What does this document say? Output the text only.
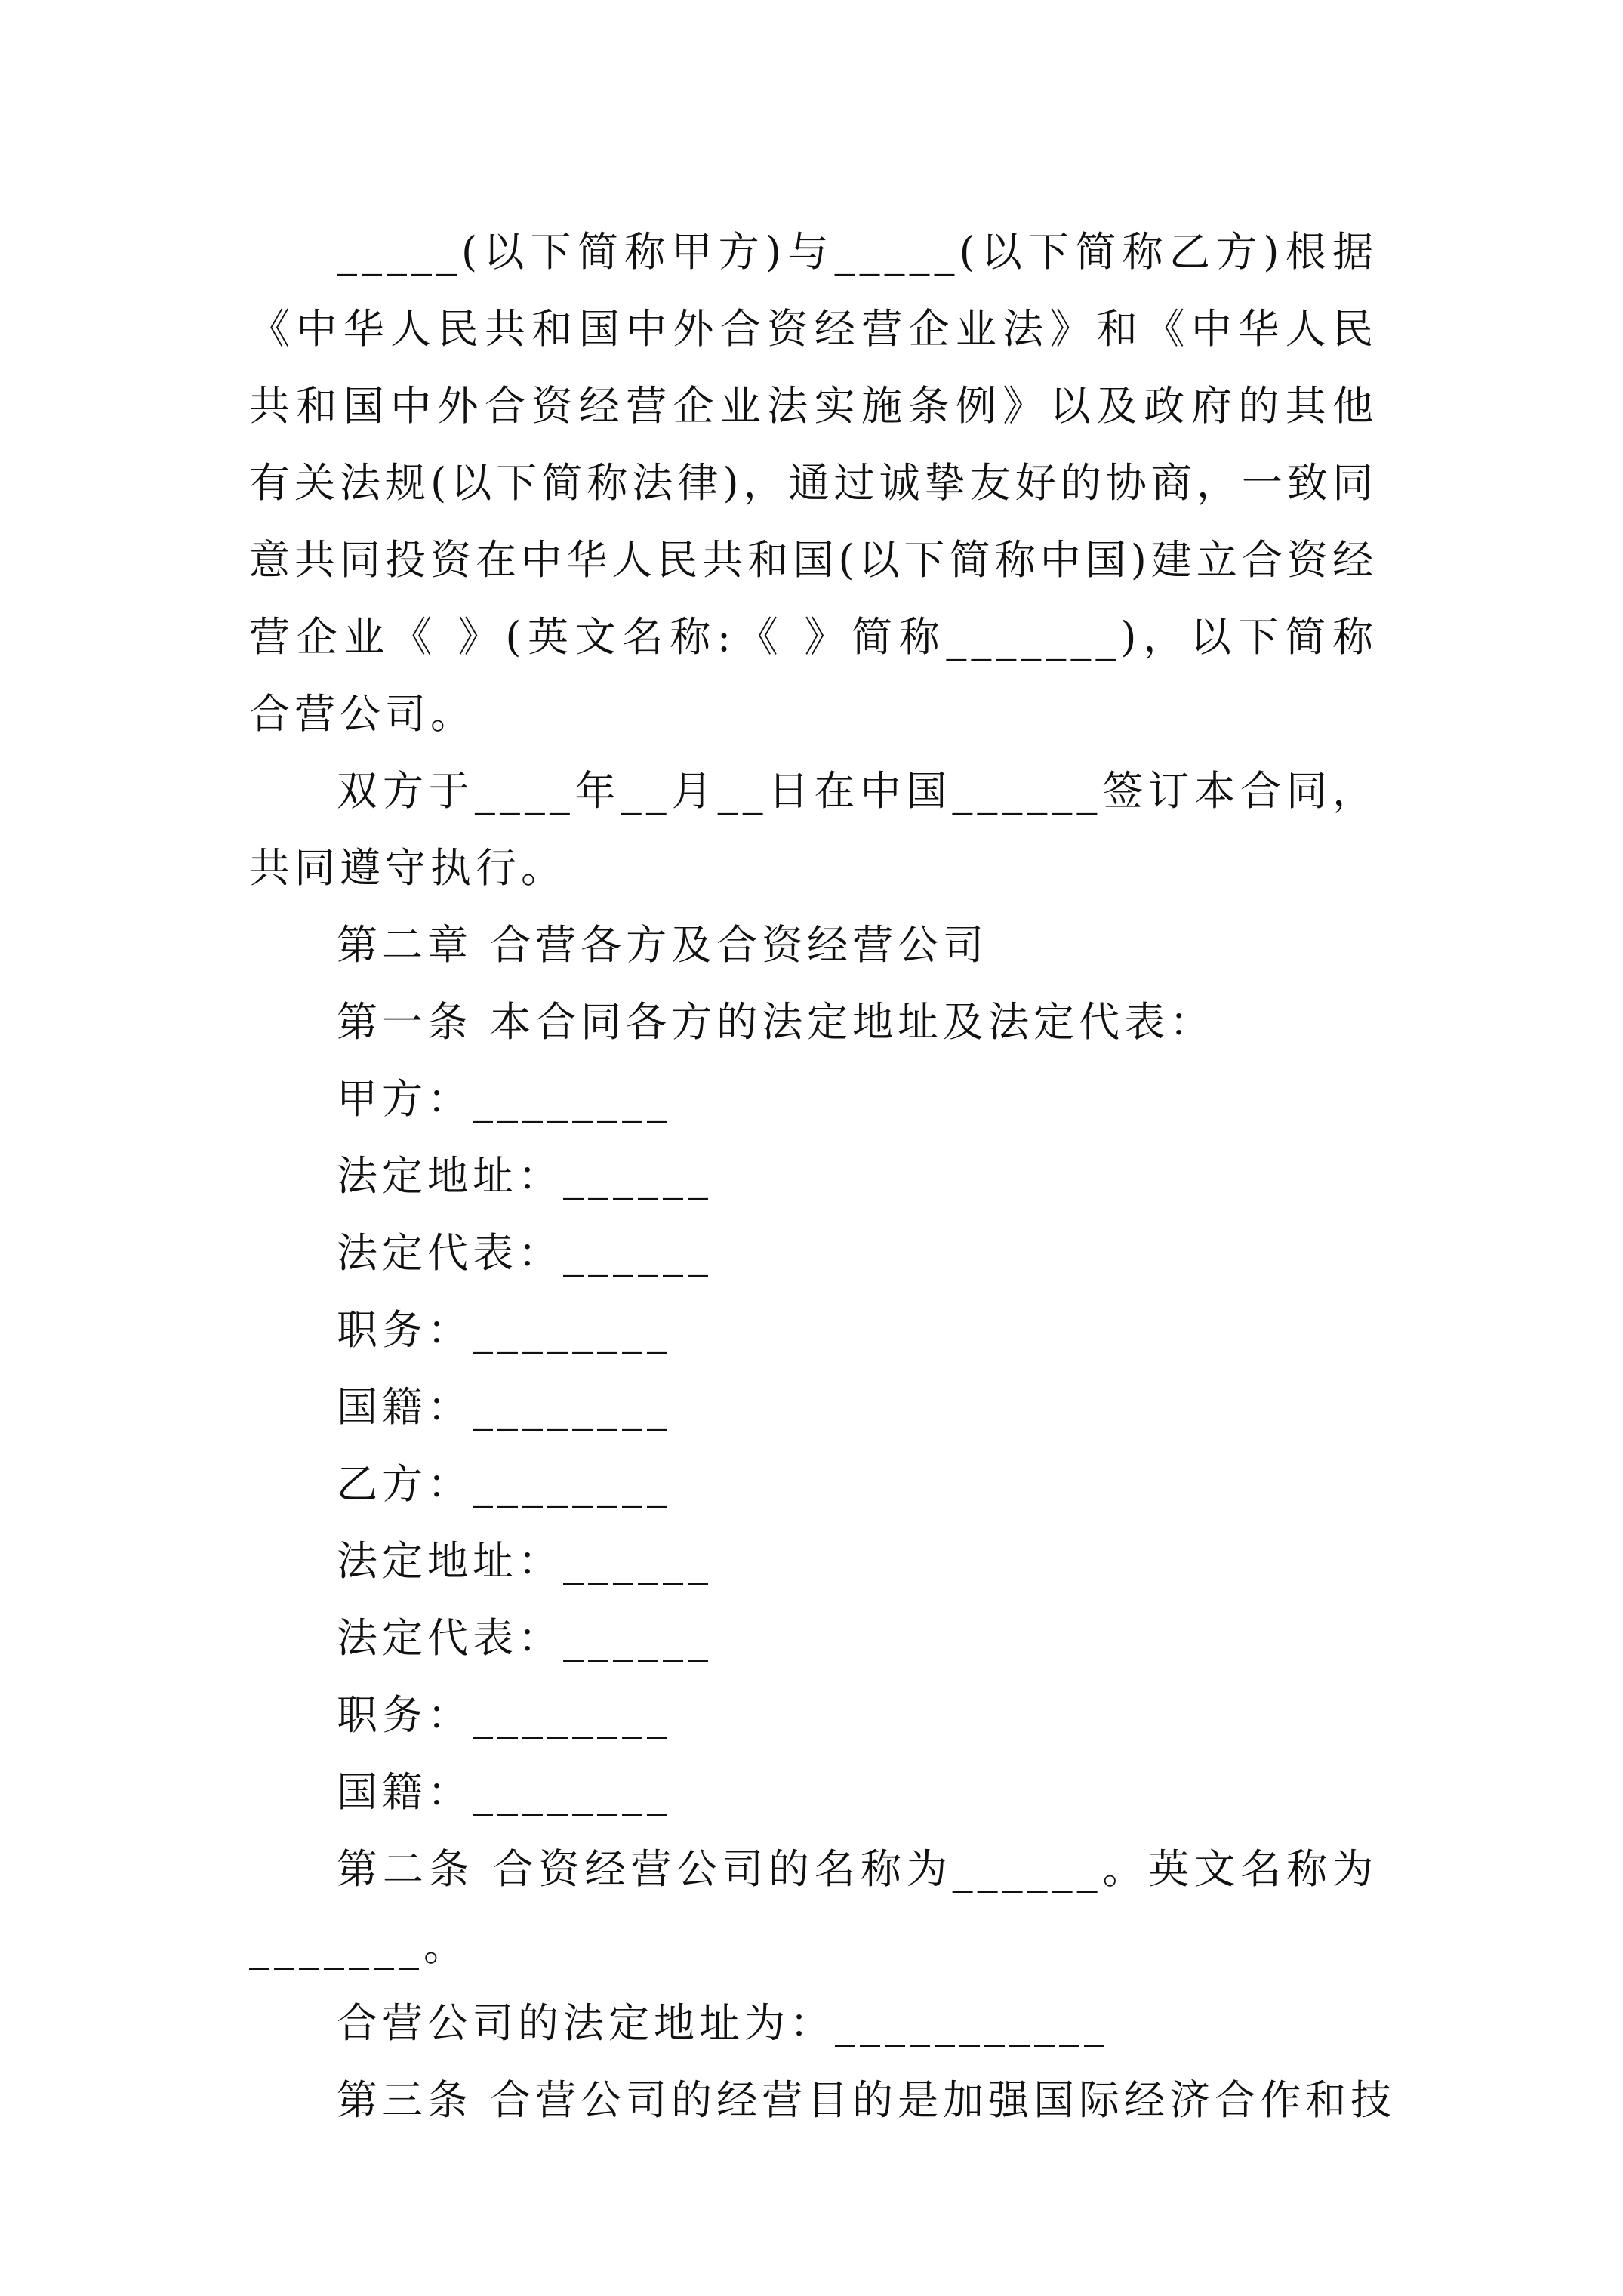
_____(以下简称甲方)与_____(以下简称乙方)根据《中华人民共和国中外合资经营企业法》和《中华人民共和国中外合资经营企业法实施条例》以及政府的其他有关法规(以下简称法律)，通过诚挚友好的协商，一致同意共同投资在中华人民共和国(以下简称中国)建立合资经营企业《 》(英文名称:《 》简称_______)，以下简称合营公司。

双方于____年__月__日在中国______签订本合同，共同遵守执行。

第二章 合营各方及合资经营公司

第一条 本合同各方的法定地址及法定代表：

甲方：________

法定地址：______

法定代表：______

职务：________

国籍：________

乙方：________

法定地址：______

法定代表：______

职务：________

国籍：________

第二条 合资经营公司的名称为______。英文名称为_______。

合营公司的法定地址为：___________

第三条 合营公司的经营目的是加强国际经济合作和技
